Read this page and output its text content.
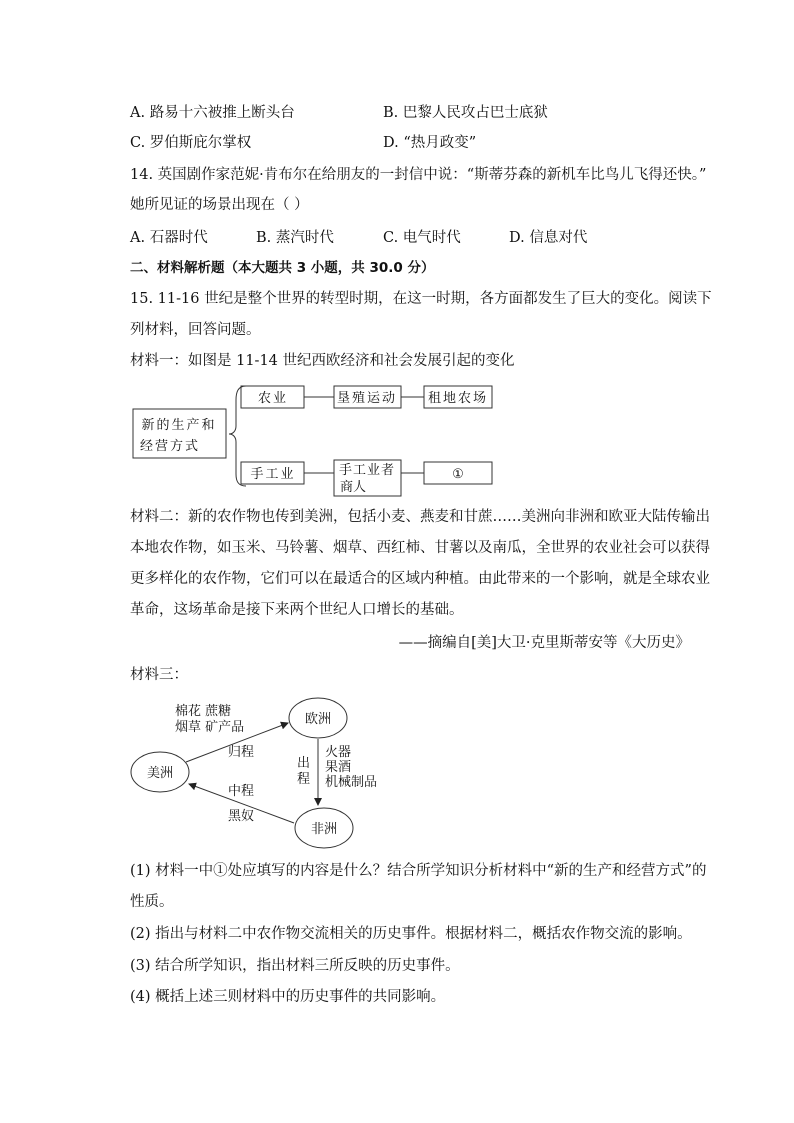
A. 路易十六被推上断头台	B. 巴黎人民攻占巴士底狱
C. 罗伯斯庇尔掌权	D. “热月政变”
14. 英国剧作家范妮·肯布尔在给朋友的一封信中说：“斯蒂芬森的新机车比鸟儿飞得还快。”
她所见证的场景出现在（ ）
A. 石器时代	B. 蒸汽时代	C. 电气时代	D. 信息对代
二、材料解析题（本大题共 3 小题，共 30.0 分）
15. 11-16 世纪是整个世界的转型时期，在这一时期，各方面都发生了巨大的变化。阅读下
列材料，回答问题。
材料一：如图是 11-14 世纪西欧经济和社会发展引起的变化
新的生产和
经营方式
农业	垦殖运动 租地农场
手工业	手工业者
商人
①
欧洲
美洲
非洲
棉花 蔗糖
烟草 矿产品
归程
出
程
火器
果酒
机械制品
中程
黑奴
材料二：新的农作物也传到美洲，包括小麦、燕麦和甘蔗……美洲向非洲和欧亚大陆传输出
本地农作物，如玉米、马铃薯、烟草、西红柿、甘薯以及南瓜，全世界的农业社会可以获得
更多样化的农作物，它们可以在最适合的区域内种植。由此带来的一个影响，就是全球农业
革命，这场革命是接下来两个世纪人口增长的基础。
——摘编自[美]大卫·克里斯蒂安等《大历史》
材料三：
(1) 材料一中①处应填写的内容是什么？结合所学知识分析材料中“新的生产和经营方式”的
性质。
(2) 指出与材料二中农作物交流相关的历史事件。根据材料二，概括农作物交流的影响。
(3) 结合所学知识，指出材料三所反映的历史事件。
(4) 概括上述三则材料中的历史事件的共同影响。
